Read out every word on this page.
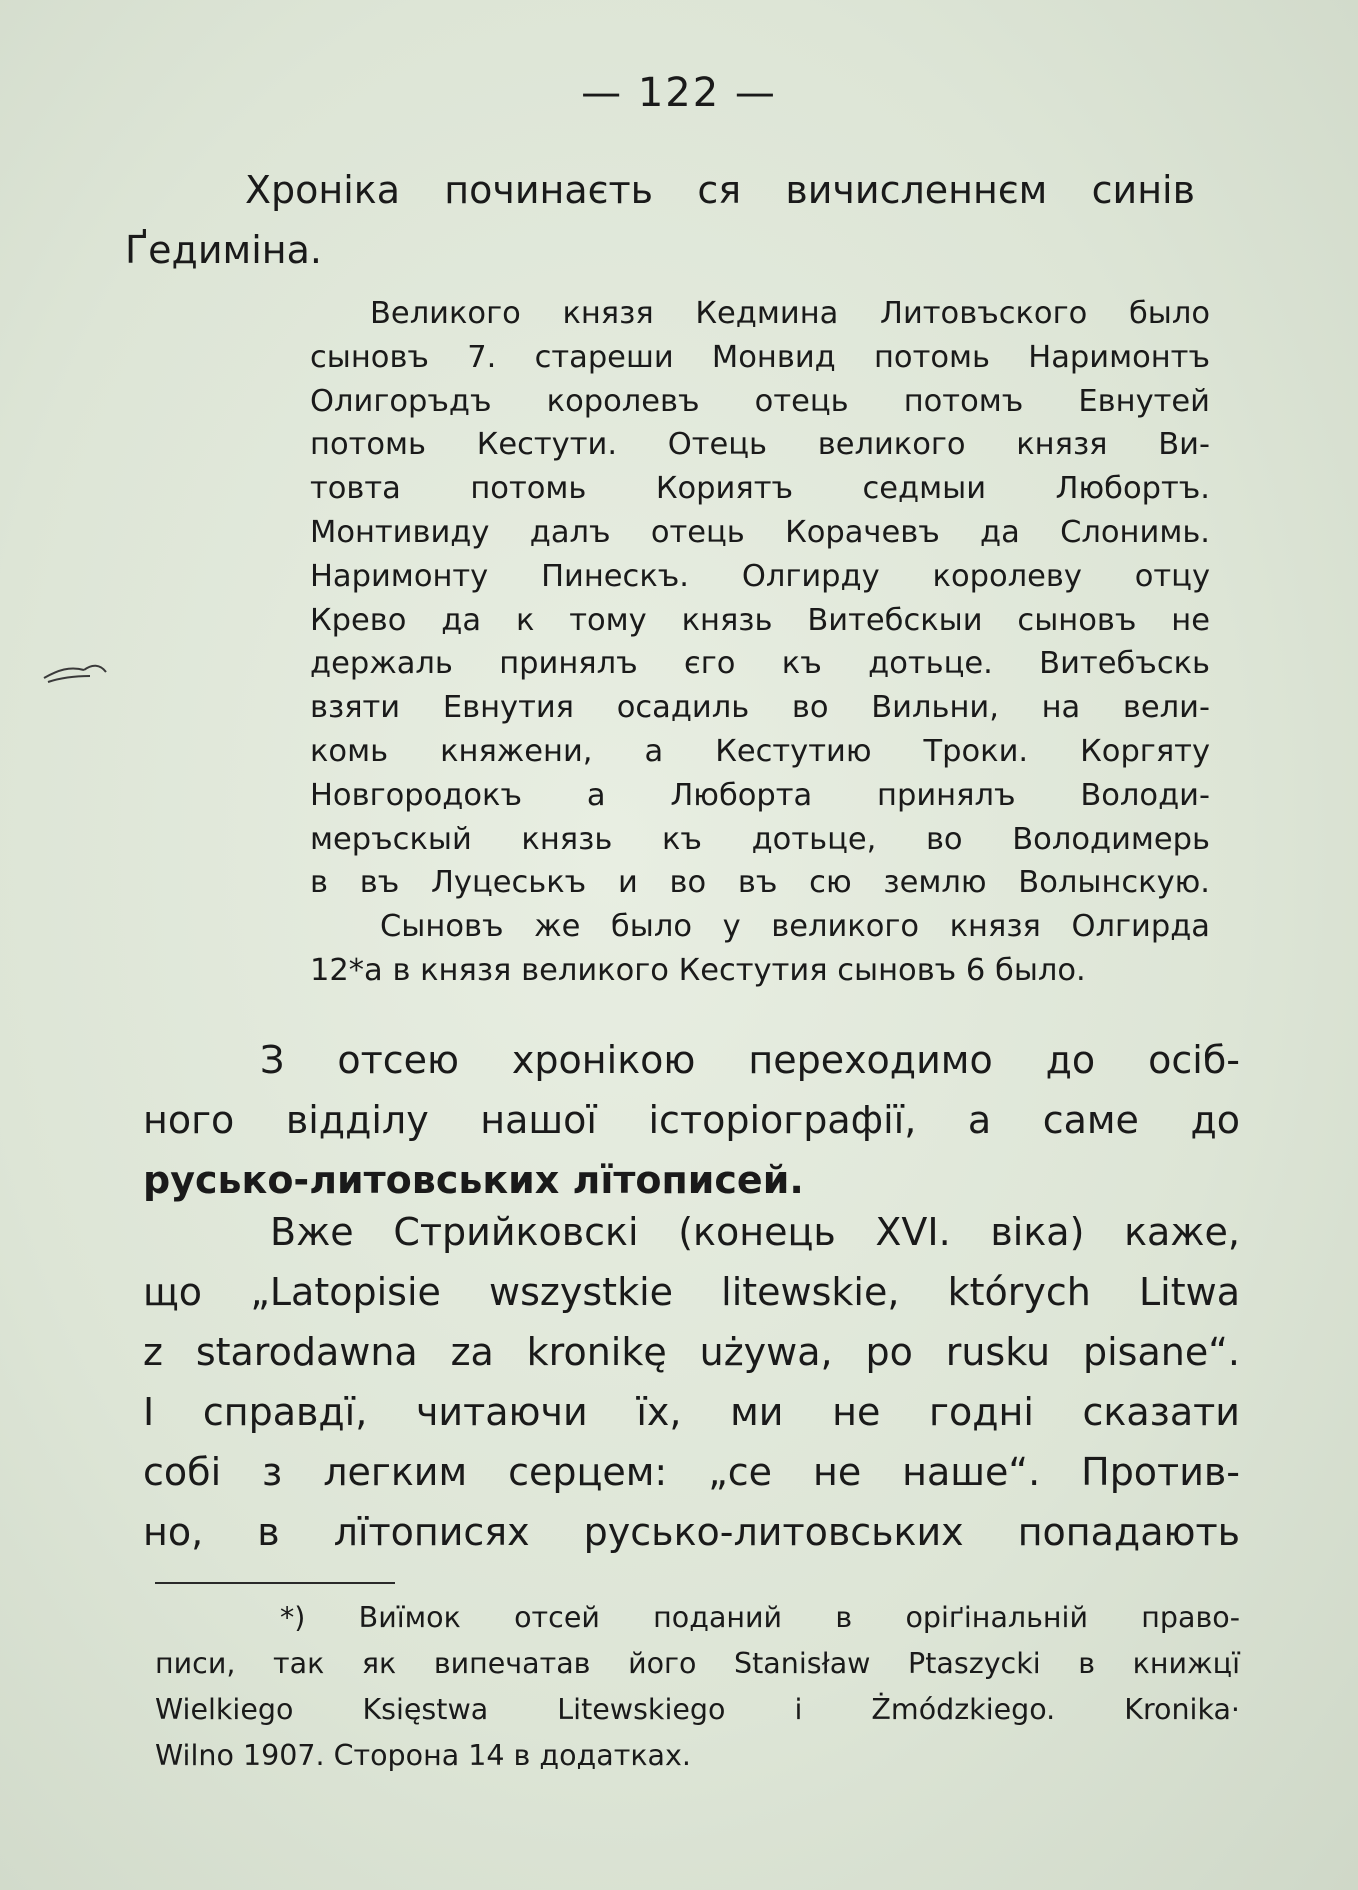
— 122 —
Хроніка починаєть ся вичисленнєм синів
Ґедиміна.
Великого князя Кедмина Литовъского было
сыновъ 7. стареши Монвид потомь Наримонтъ
Олигоръдъ королевъ отець потомъ Евнутей
потомь Кестути. Отець великого князя Ви-
товта потомь Кориятъ седмыи Любортъ.
Монтивиду далъ отець Корачевъ да Слонимь.
Наримонту Пинескъ. Олгирду королеву отцу
Крево да к тому князь Витебскыи сыновъ не
держаль принялъ єго къ дотьце. Витебъскь
взяти Евнутия осадиль во Вильни, на вели-
комь княжени, а Кестутию Троки. Коргяту
Новгородокъ а Люборта принялъ Володи-
меръскый князь къ дотьце, во Володимерь
в въ Луцеськъ и во въ сю землю Волынскую.
Сыновъ же было у великого князя Олгирда
12*а в князя великого Кестутия сыновъ 6 было.
З отсею хронікою переходимо до осіб-
ного відділу нашої історіографії, а саме до
русько-литовських лїтописей.
Вже Стрийковскі (конець XVI. віка) каже,
що „Latopisie wszystkie litewskie, których Litwa
z starodawna za kronikę używa, po rusku pisane“.
І справдї, читаючи їх, ми не годні сказати
собі з легким серцем: „се не наше“. Против-
но, в лїтописях русько-литовських попадають
*) Виїмок отсей поданий в оріґінальній право-
писи, так як випечатав його Stanisław Ptaszycki в книжцї
Wielkiego Księstwa Litewskiego i Żmódzkiego. Kronika·
Wilno 1907. Сторона 14 в додатках.
